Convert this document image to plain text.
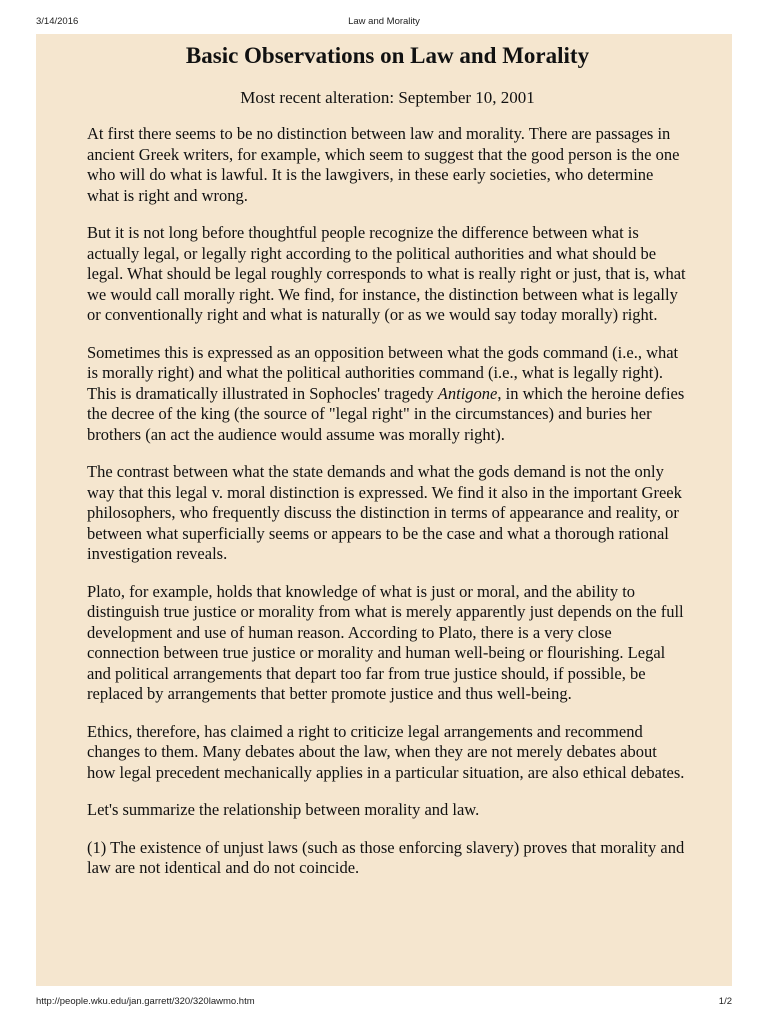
3/14/2016	Law and Morality
Basic Observations on Law and Morality
Most recent alteration: September 10, 2001

At first there seems to be no distinction between law and morality. There are passages in ancient Greek writers, for example, which seem to suggest that the good person is the one who will do what is lawful. It is the lawgivers, in these early societies, who determine what is right and wrong.

But it is not long before thoughtful people recognize the difference between what is actually legal, or legally right according to the political authorities and what should be legal. What should be legal roughly corresponds to what is really right or just, that is, what we would call morally right. We find, for instance, the distinction between what is legally or conventionally right and what is naturally (or as we would say today morally) right.

Sometimes this is expressed as an opposition between what the gods command (i.e., what is morally right) and what the political authorities command (i.e., what is legally right). This is dramatically illustrated in Sophocles' tragedy Antigone, in which the heroine defies the decree of the king (the source of "legal right" in the circumstances) and buries her brothers (an act the audience would assume was morally right).

The contrast between what the state demands and what the gods demand is not the only way that this legal v. moral distinction is expressed. We find it also in the important Greek philosophers, who frequently discuss the distinction in terms of appearance and reality, or between what superficially seems or appears to be the case and what a thorough rational investigation reveals.

Plato, for example, holds that knowledge of what is just or moral, and the ability to distinguish true justice or morality from what is merely apparently just depends on the full development and use of human reason. According to Plato, there is a very close connection between true justice or morality and human well-being or flourishing. Legal and political arrangements that depart too far from true justice should, if possible, be replaced by arrangements that better promote justice and thus well-being.

Ethics, therefore, has claimed a right to criticize legal arrangements and recommend changes to them. Many debates about the law, when they are not merely debates about how legal precedent mechanically applies in a particular situation, are also ethical debates.

Let's summarize the relationship between morality and law.

(1) The existence of unjust laws (such as those enforcing slavery) proves that morality and law are not identical and do not coincide.

http://people.wku.edu/jan.garrett/320/320lawmo.htm	1/2
